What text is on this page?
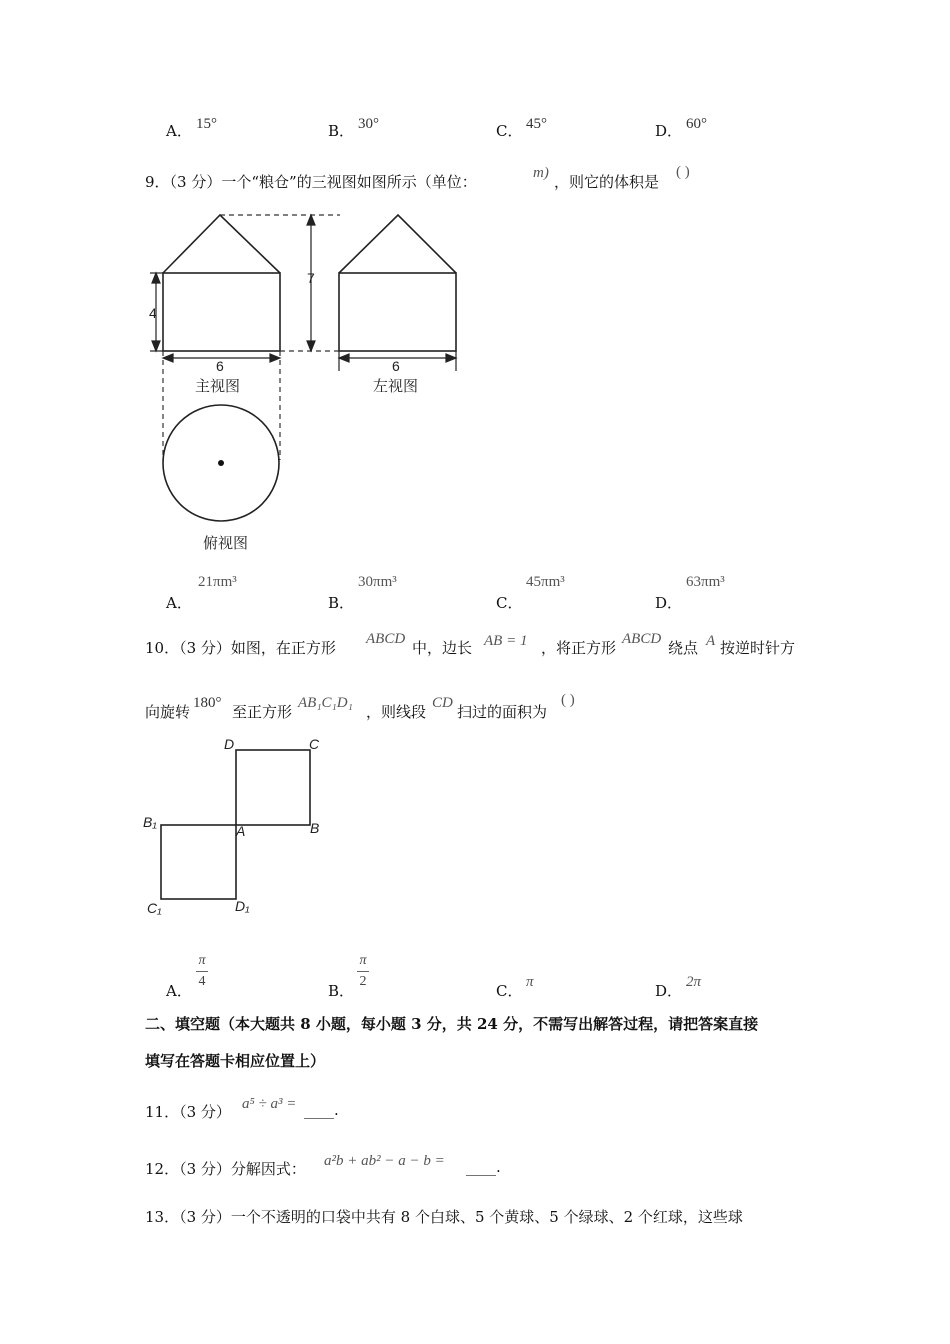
A． 15°	B． 30°	C． 45°	D． 60°
9．（3 分）一个“粮仓”的三视图如图所示（单位：	m) ，则它的体积是
( )
7
4
6	6
主视图	左视图
俯视图
A．
21πm³
B．
30πm³
C．
45πm³
D．
63πm³
10．（3 分）如图，在正方形 ABCD 中，边长 AB = 1 ，将正方形 ABCD 绕点 A 按逆时针方
向旋转 180° 至正方形 AB₁C₁D₁ ，则线段 CD 扫过的面积为
( )
D	C
A	B
B₁
C₁	D₁
A．
π
4
B．
π
2
C． π	D． 2π
二、填空题（本大题共 8 小题，每小题 3 分，共 24 分，不需写出解答过程，请把答案直接
填写在答题卡相应位置上）
11．（3 分） a⁵ ÷ a³ = ____.
12．（3 分）分解因式： a²b + ab² − a − b = ____.
13．（3 分）一个不透明的口袋中共有 8 个白球、5 个黄球、5 个绿球、2 个红球，这些球
